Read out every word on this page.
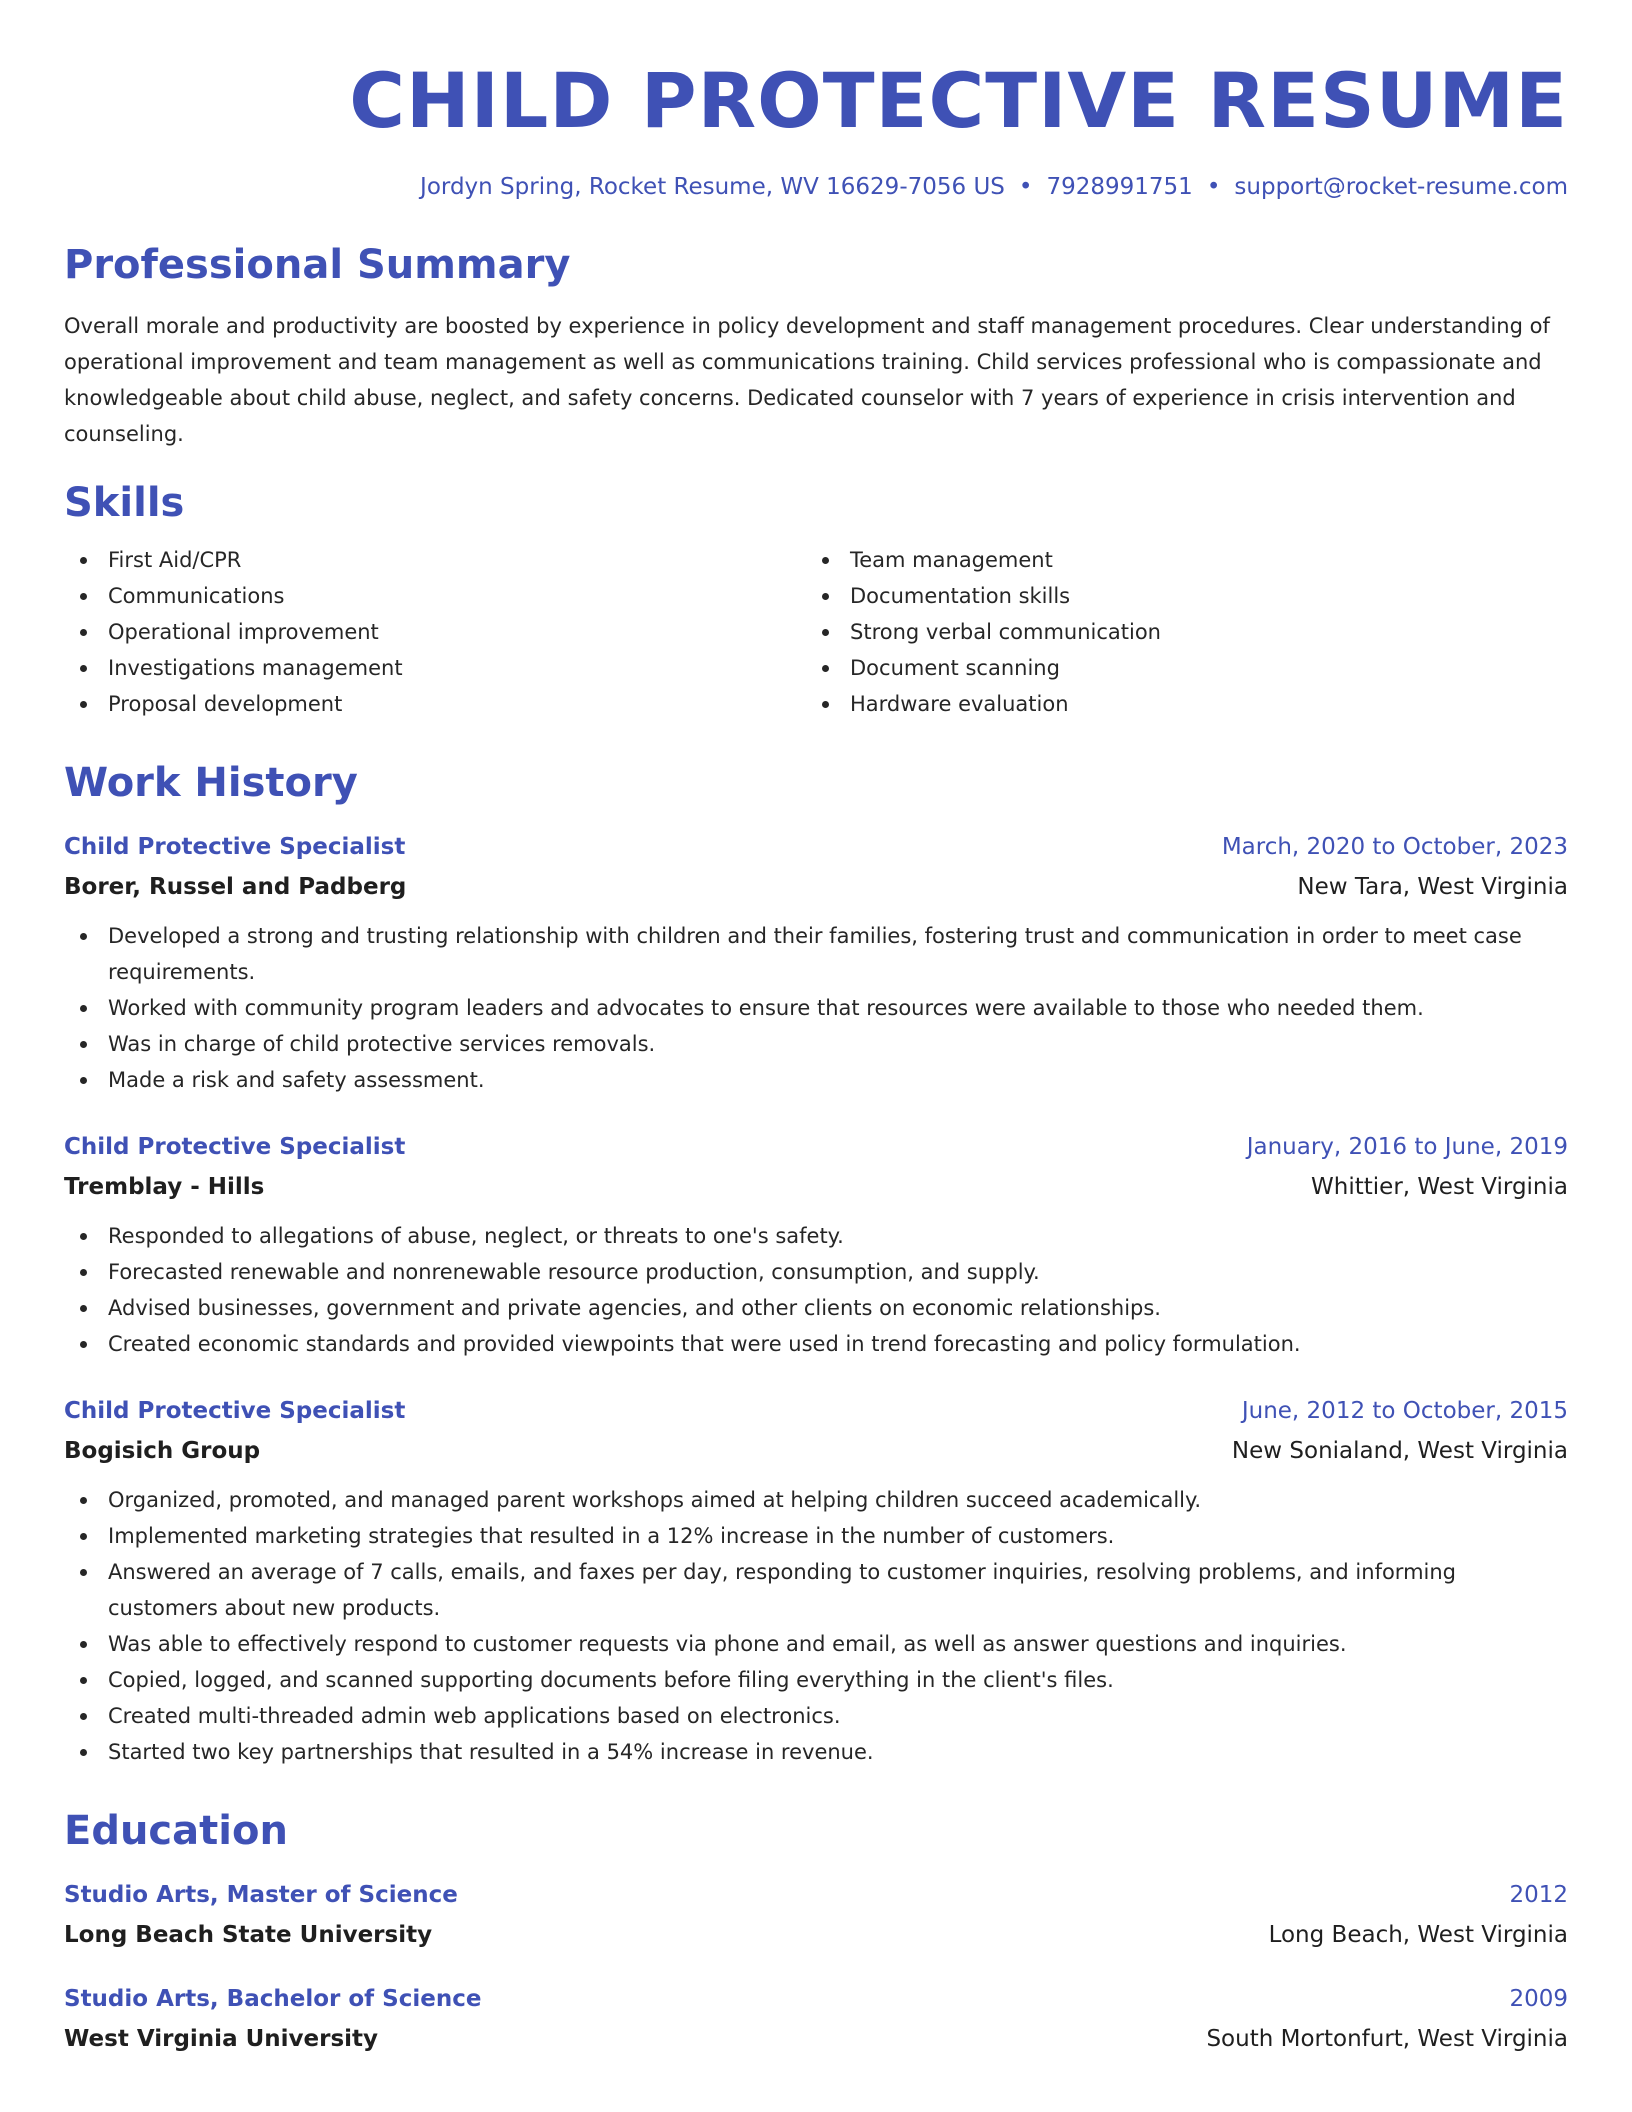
CHILD PROTECTIVE RESUME
Jordyn Spring, Rocket Resume, WV 16629-7056 US • 7928991751 • support@rocket-resume.com
Professional Summary

Overall morale and productivity are boosted by experience in policy development and staff management procedures. Clear understanding of operational improvement and team management as well as communications training. Child services professional who is compassionate and knowledgeable about child abuse, neglect, and safety concerns. Dedicated counselor with 7 years of experience in crisis intervention and counseling.

Skills
First Aid/CPR
Communications
Operational improvement
Investigations management
Proposal development
Team management
Documentation skills
Strong verbal communication
Document scanning
Hardware evaluation
Work History
Child Protective Specialist	March, 2020 to October, 2023
Borer, Russel and Padberg	New Tara, West Virginia
Developed a strong and trusting relationship with children and their families, fostering trust and communication in order to meet case requirements.
Worked with community program leaders and advocates to ensure that resources were available to those who needed them.
Was in charge of child protective services removals.
Made a risk and safety assessment.
Child Protective Specialist	January, 2016 to June, 2019
Tremblay - Hills	Whittier, West Virginia
Responded to allegations of abuse, neglect, or threats to one's safety.
Forecasted renewable and nonrenewable resource production, consumption, and supply.
Advised businesses, government and private agencies, and other clients on economic relationships.
Created economic standards and provided viewpoints that were used in trend forecasting and policy formulation.
Child Protective Specialist	June, 2012 to October, 2015
Bogisich Group	New Sonialand, West Virginia
Organized, promoted, and managed parent workshops aimed at helping children succeed academically.
Implemented marketing strategies that resulted in a 12% increase in the number of customers.
Answered an average of 7 calls, emails, and faxes per day, responding to customer inquiries, resolving problems, and informing customers about new products.
Was able to effectively respond to customer requests via phone and email, as well as answer questions and inquiries.
Copied, logged, and scanned supporting documents before filing everything in the client's files.
Created multi-threaded admin web applications based on electronics.
Started two key partnerships that resulted in a 54% increase in revenue.
Education
Studio Arts, Master of Science	2012
Long Beach State University	Long Beach, West Virginia
Studio Arts, Bachelor of Science	2009
West Virginia University	South Mortonfurt, West Virginia
